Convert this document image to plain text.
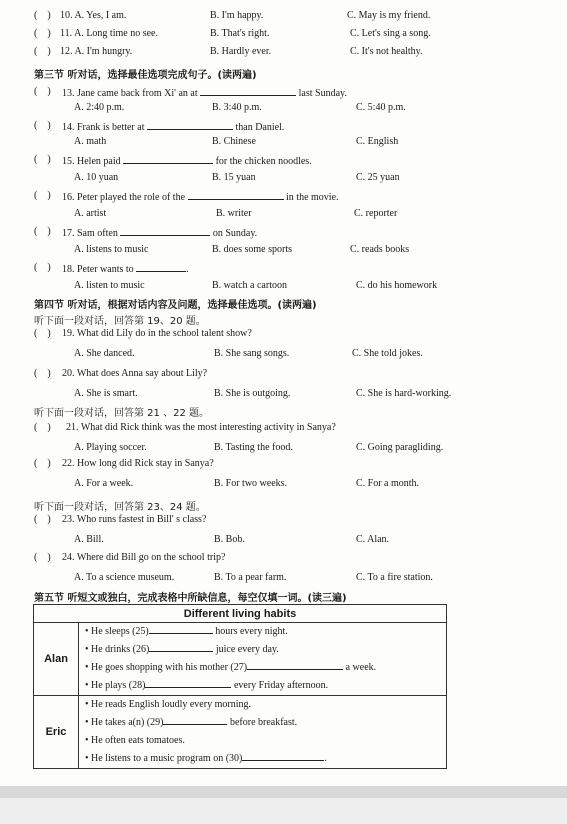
(    ) 10. A. Yes, I am.	B. I'm happy.	C. May is my friend.
(    ) 11. A. Long time no see.	B. That's right.	C. Let's sing a song.
(    ) 12. A. I'm hungry.	B. Hardly ever.	C. It's not healthy.
第三节 听对话，选择最佳选项完成句子。(读两遍)
(    ) 13. Jane came back from Xi' an at	last Sunday.
A. 2:40 p.m.	B. 3:40 p.m.	C. 5:40 p.m.
(    ) 14. Frank is better at	than Daniel.
A. math	B. Chinese	C. English
(    ) 15. Helen paid	for the chicken noodles.
A. 10 yuan	B. 15 yuan	C. 25 yuan
(    ) 16. Peter played the role of the	in the movie.
A. artist	B. writer	C. reporter
(    ) 17. Sam often	on Sunday.
A. listens to music	B. does some sports	C. reads books
(    ) 18. Peter wants to	.
A. listen to music	B. watch a cartoon	C. do his homework
第四节 听对话，根据对话内容及问题，选择最佳选项。(读两遍)
听下面一段对话，回答第 19、20 题。
(    ) 19. What did Lily do in the school talent show?
A. She danced.	B. She sang songs.	C. She told jokes.
(    ) 20. What does Anna say about Lily?
A. She is smart.	B. She is outgoing.	C. She is hard-working.
听下面一段对话，回答第 21 、22 题。
(    ) 21. What did Rick think was the most interesting activity in Sanya?
A. Playing soccer.	B. Tasting the food.	C. Going paragliding.
(    ) 22. How long did Rick stay in Sanya?
A. For a week.	B. For two weeks.	C. For a month.
听下面一段对话，回答第 23、24 题。
(    ) 23. Who runs fastest in Bill' s class?
A. Bill.	B. Bob.	C. Alan.
(    ) 24. Where did Bill go on the school trip?
A. To a science museum.	B. To a pear farm.	C. To a fire station.
第五节 听短文或独白，完成表格中所缺信息，每空仅填一词。(读三遍)
Different living habits	
Alan	• He sleeps (25) hours every night.
	• He drinks (26) juice every day.
	• He goes shopping with his mother (27) a week.
	• He plays (28) every Friday afternoon.
Eric	• He reads English loudly every morning.
	• He takes a(n) (29) before breakfast.
	• He often eats tomatoes.
	• He listens to a music program on (30) .
